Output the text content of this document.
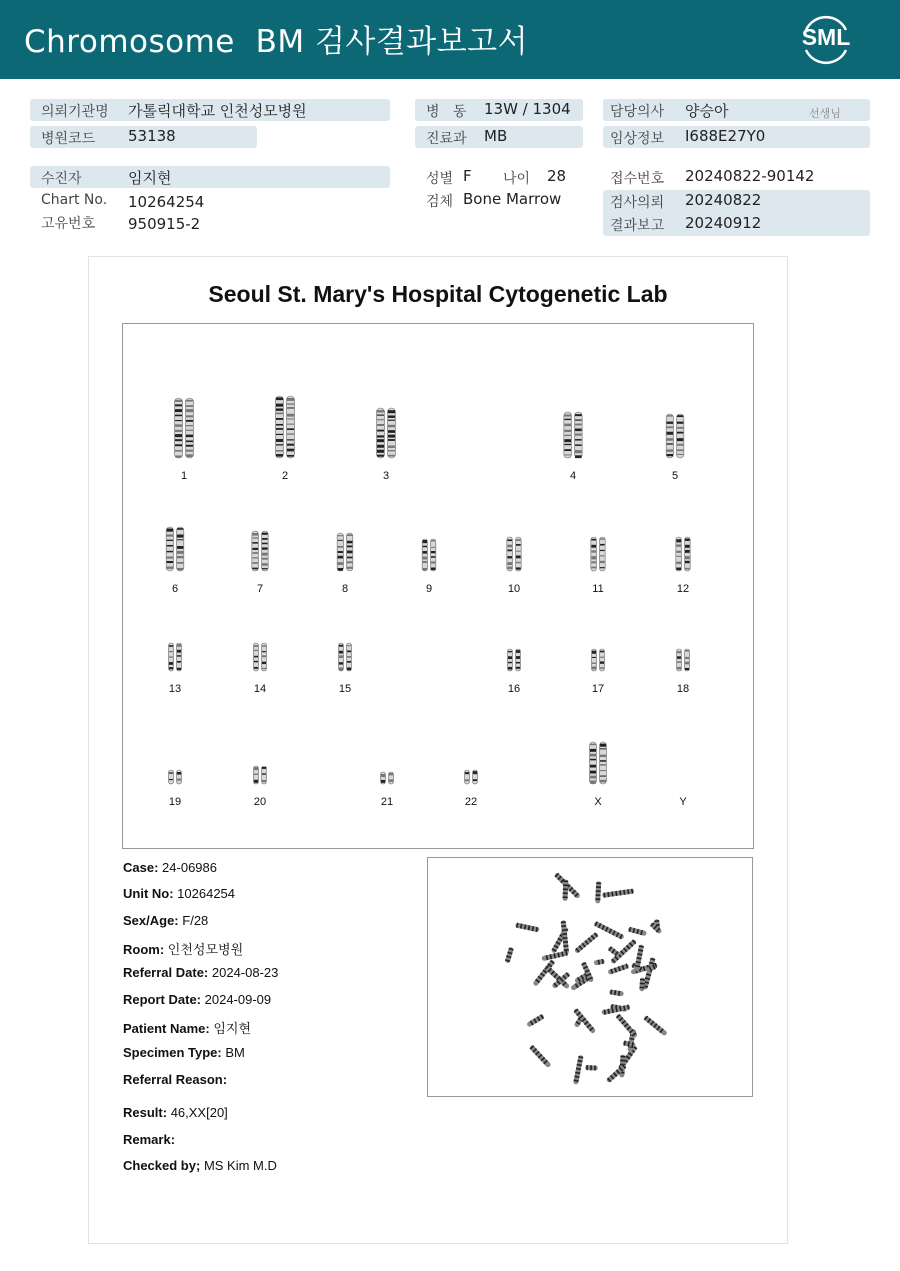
Chromosome  BM 검사결과보고서	SML
의뢰기관명 가톨릭대학교 인천성모병원
병원코드 53138
병   동 13W / 1304
진료과 MB
담당의사 양승아	선생님
임상정보 I688E27Y0
수진자	임지현
Chart No. 10264254
고유번호 950915-2
성별 F 나이 28
검체 Bone Marrow
접수번호 20240822-90142
검사의뢰 20240822
결과보고 20240912
Seoul St. Mary's Hospital Cytogenetic Lab
1	2	3	4	5
6	7	8	9	10	11	12
13	14	15	16	17	18
19	20	21	22	X	Y
Case: 24-06986
Unit No: 10264254
Sex/Age: F/28
Room: 인천성모병원
Referral Date: 2024-08-23
Report Date: 2024-09-09
Patient Name: 임지현
Specimen Type: BM
Referral Reason:
Result: 46,XX[20]
Remark:
Checked by; MS Kim M.D
